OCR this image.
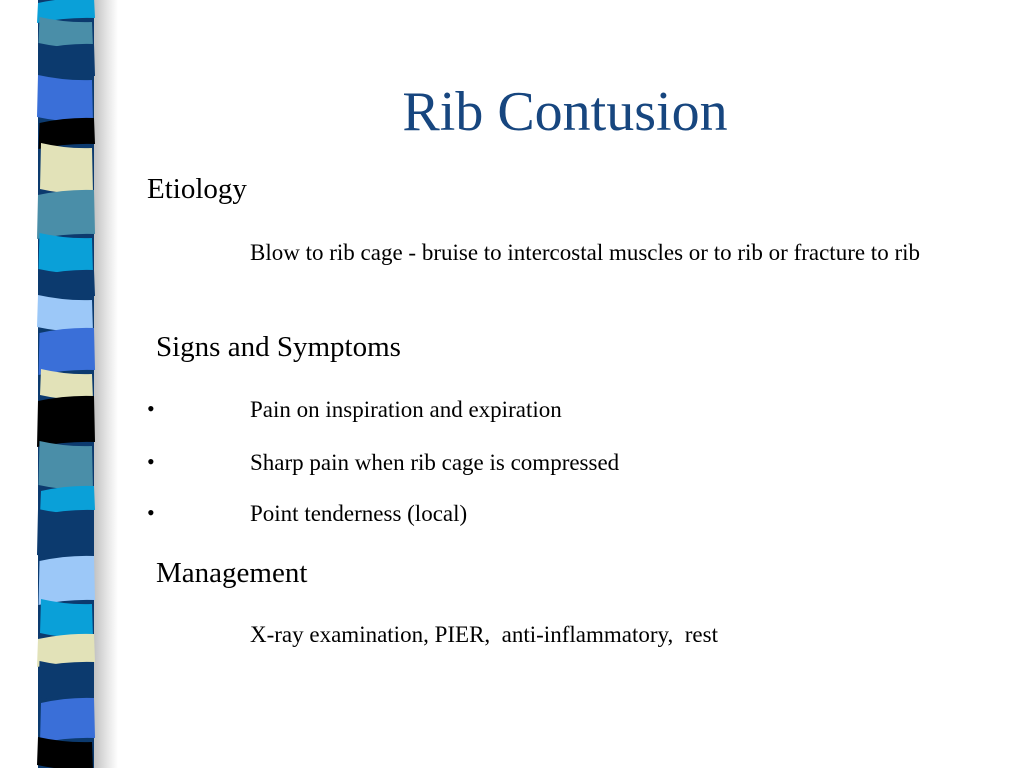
Rib Contusion
Etiology
Blow to rib cage - bruise to intercostal muscles or to rib or fracture to rib
Signs and Symptoms
•	Pain on inspiration and expiration
•	Sharp pain when rib cage is compressed
•	Point tenderness (local)
Management
X-ray examination, PIER,  anti-inflammatory,  rest
